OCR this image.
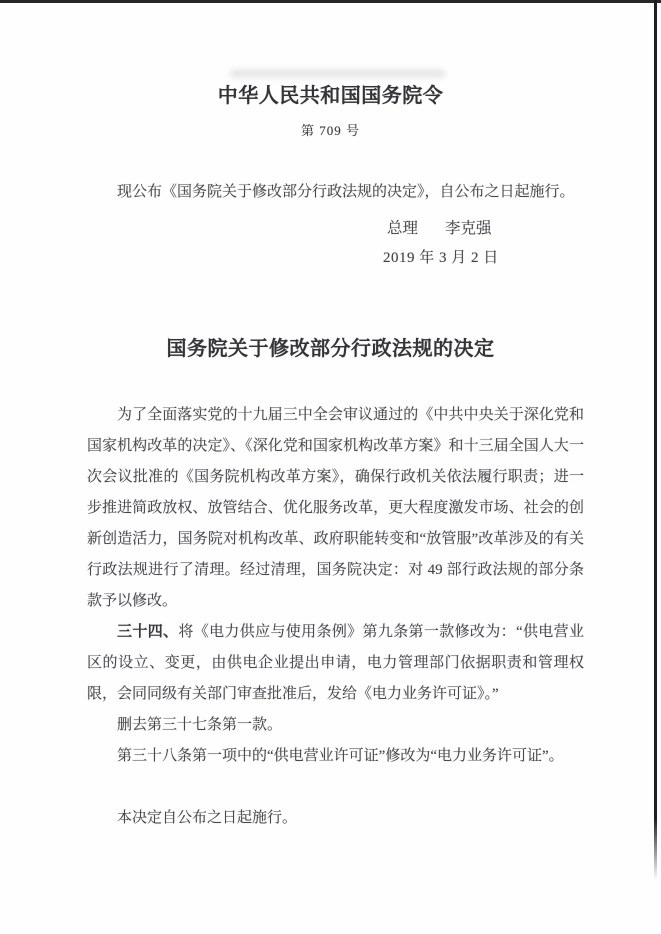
中华人民共和国国务院令
第 709 号

现公布《国务院关于修改部分行政法规的决定》，自公布之日起施行。

总理 李克强
2019 年 3 月 2 日
国务院关于修改部分行政法规的决定

为了全面落实党的十九届三中全会审议通过的《中共中央关于深化党和国家机构改革的决定》、《深化党和国家机构改革方案》和十三届全国人大一次会议批准的《国务院机构改革方案》，确保行政机关依法履行职责；进一步推进简政放权、放管结合、优化服务改革，更大程度激发市场、社会的创新创造活力，国务院对机构改革、政府职能转变和“放管服”改革涉及的有关行政法规进行了清理。经过清理，国务院决定：对 49 部行政法规的部分条款予以修改。

三十四、将《电力供应与使用条例》第九条第一款修改为：“供电营业区的设立、变更，由供电企业提出申请，电力管理部门依据职责和管理权限，会同同级有关部门审查批准后，发给《电力业务许可证》。”

删去第三十七条第一款。

第三十八条第一项中的“供电营业许可证”修改为“电力业务许可证”。

本决定自公布之日起施行。
